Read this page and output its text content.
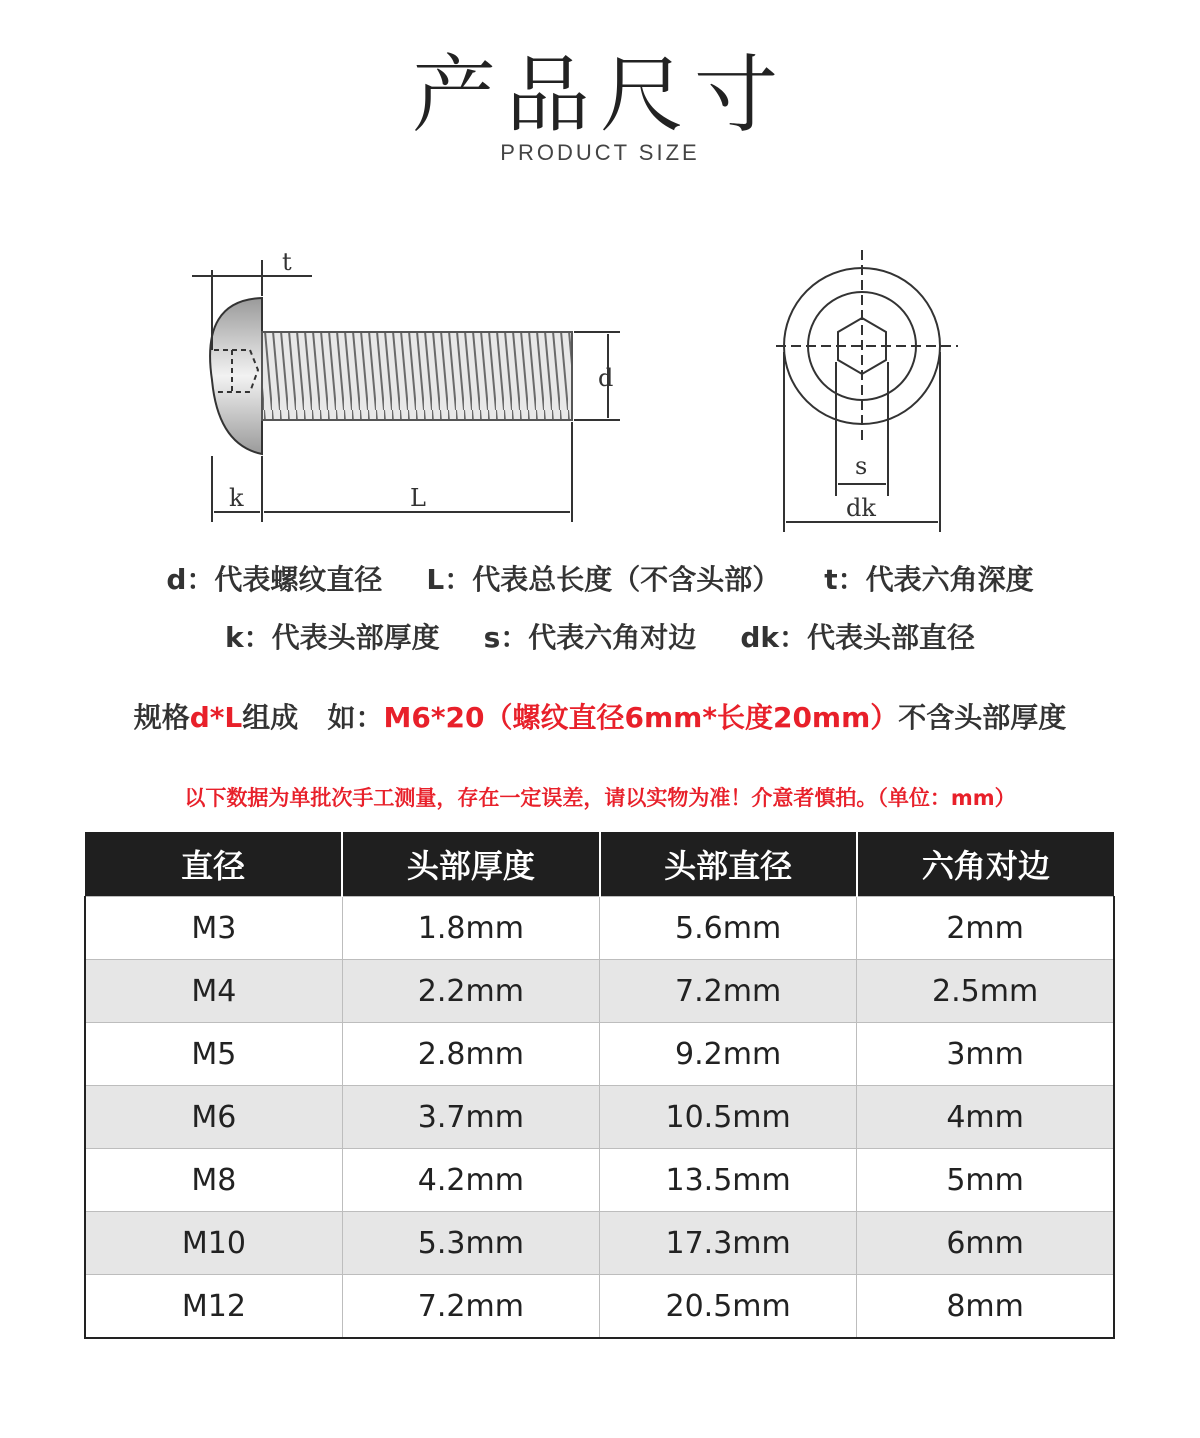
产品尺寸
PRODUCT SIZE
t
d
k	L
s
dk
d：代表螺纹直径 L：代表总长度（不含头部） t：代表六角深度
k：代表头部厚度 s：代表六角对边 dk：代表头部直径
规格d*L组成 如：M6*20（螺纹直径6mm*长度20mm）不含头部厚度
以下数据为单批次手工测量，存在一定误差，请以实物为准！介意者慎拍。（单位：mm）
直径	头部厚度	头部直径	六角对边
M3	1.8mm	5.6mm	2mm
M4	2.2mm	7.2mm	2.5mm
M5	2.8mm	9.2mm	3mm
M6	3.7mm	10.5mm	4mm
M8	4.2mm	13.5mm	5mm
M10	5.3mm	17.3mm	6mm
M12	7.2mm	20.5mm	8mm
